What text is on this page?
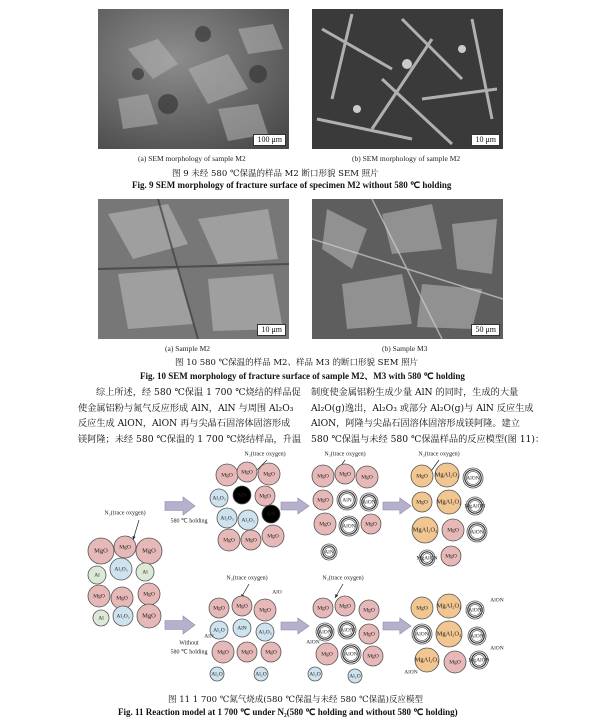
100 μm	10 μm
(a) SEM morphology of sample M2	(b) SEM morphology of sample M2
图 9 未经 580 ℃保温的样品 M2 断口形貌 SEM 照片
Fig. 9 SEM morphology of fracture surface of specimen M2 without 580 ℃ holding
10 μm	50 μm
(a) Sample M2	(b) Sample M3
图 10 580 ℃保温的样品 M2、样品 M3 的断口形貌 SEM 照片
Fig. 10 SEM morphology of fracture surface of sample M2、M3 with 580 ℃ holding
综上所述，经 580 ℃保温 1 700 ℃烧结的样品促
使金属铝粉与氮气反应形成 AlN，AlN 与周围 Al₂O₃
反应生成 AlON，AlON 再与尖晶石固溶体固溶形成
镁阿隆；未经 580 ℃保温的 1 700 ℃烧结样品，升温
制度使金属铝粉生成少量 AlN 的同时，生成的大量
Al₂O(g)逸出，Al₂O₃ 或部分 Al₂O(g)与 AlN 反应生成
AlON，阿隆与尖晶石固溶体固溶形成镁阿隆。建立
580 ℃保温与未经 580 ℃保温样品的反应模型(图 11)：
N₂(trace oxygen)
MgO
MgO
MgO
Al
Al₂O₃	Al
MgO MgO
MgO
Al Al₂O₃ MgO
580 ℃ holding
N₂(trace oxygen)
MgO MgO MgO
Al₂O₃ AlN MgO
Al₂O₃ Al₂O₃
AlN
MgO MgO
MgO
N₂(trace oxygen)
MgO MgO MgO
MgO AlN AlON
MgO AlON MgO
AlN
N₂(trace oxygen)
MgO MgAl₂O₄ AlON
MgO MgAl₂O₄
MgAlON
MgAl₂O₄ MgO AlON
MgAlON MgO
Without
580 ℃ holding
N₂(trace oxygen)
MgO MgO
MgO
Al₂O AlN
Al₂O₃
MgO MgO MgO
Al₂O	Al₂O
AlN
AlO
N₂(trace oxygen)
MgO MgO
MgO
AlON AlON
MgO
MgO AlON MgO
Al₂O	Al₂O
AlON
MgO MgAl₂O₄
AlON
AlON MgAl₂O₄ AlON
MgAl₂O₄ MgO MgAlON
AlON
AlON
AlON
图 11 1 700 ℃氮气烧成(580 ℃保温与未经 580 ℃保温)反应模型
Fig. 11 Reaction model at 1 700 ℃ under N₂(580 ℃ holding and without 580 ℃ holding)
